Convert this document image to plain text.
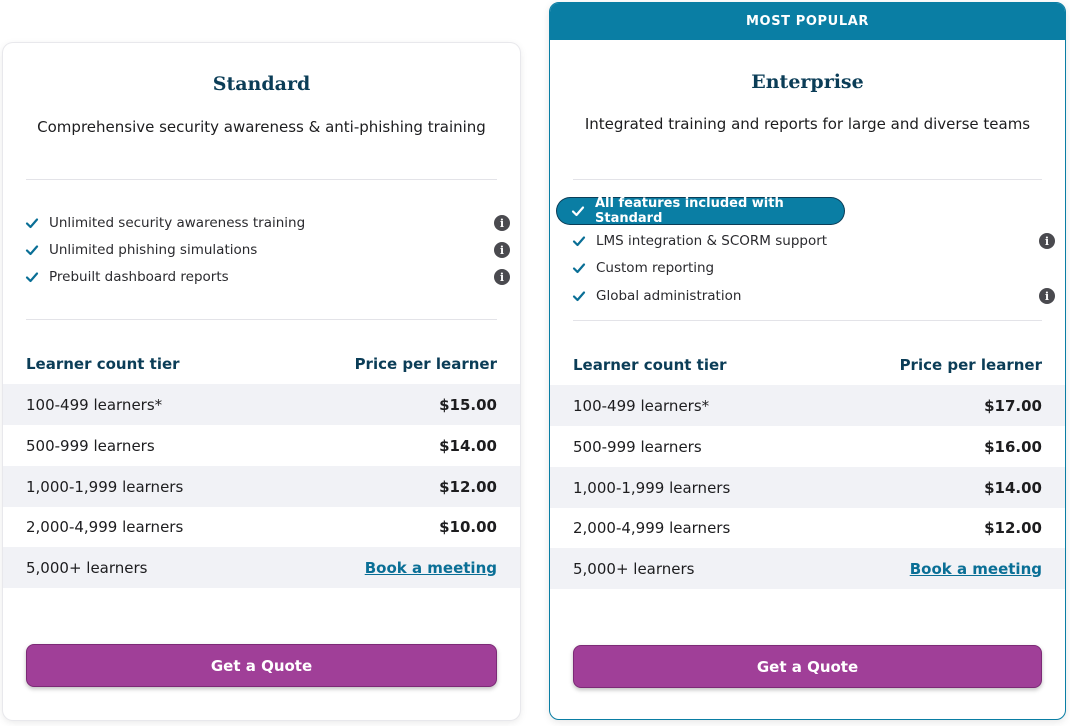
Standard
Comprehensive security awareness & anti-phishing training
Unlimited security awareness training	i
Unlimited phishing simulations	i
Prebuilt dashboard reports	i
Learner count tier	Price per learner
100-499 learners*	$15.00
500-999 learners	$14.00
1,000-1,999 learners	$12.00
2,000-4,999 learners	$10.00
5,000+ learners	Book a meeting
Get a Quote
MOST POPULAR
Enterprise
Integrated training and reports for large and diverse teams
All features included with Standard
LMS integration & SCORM support	i
Custom reporting
Global administration	i
Learner count tier	Price per learner
100-499 learners*	$17.00
500-999 learners	$16.00
1,000-1,999 learners	$14.00
2,000-4,999 learners	$12.00
5,000+ learners	Book a meeting
Get a Quote
